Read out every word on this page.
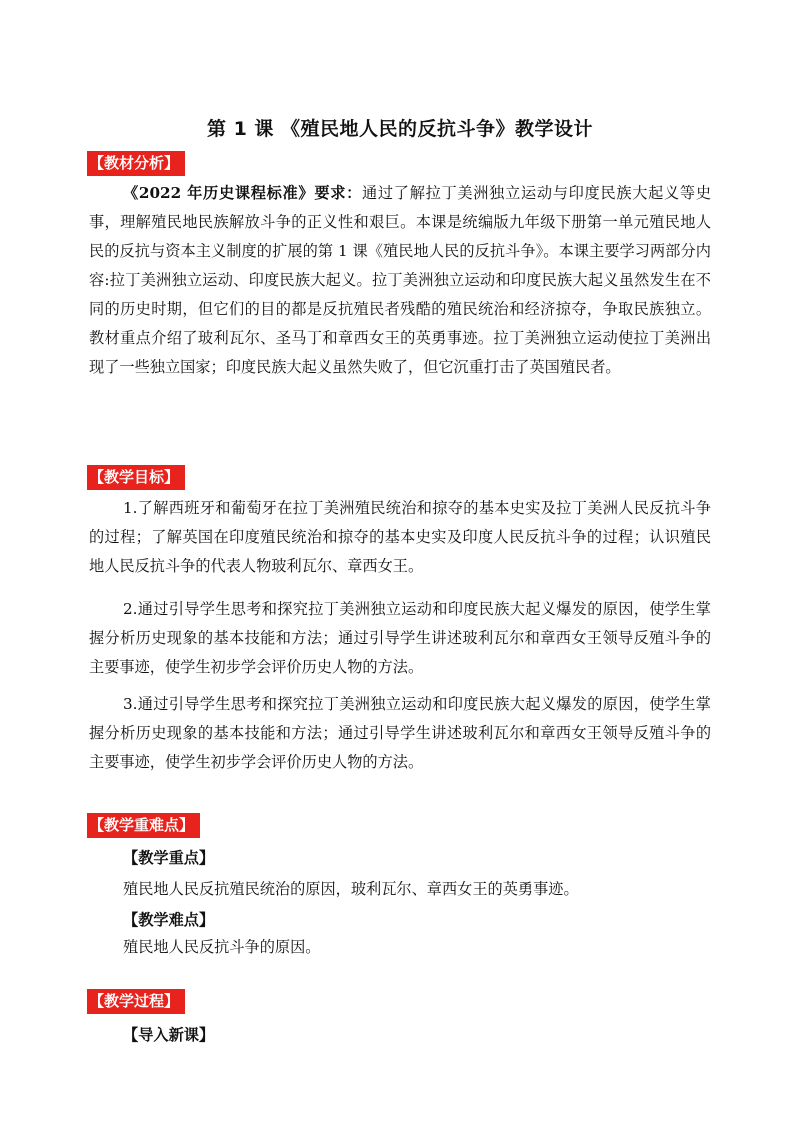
第 1 课 《殖民地人民的反抗斗争》教学设计
【教材分析】

《2022 年历史课程标准》要求：通过了解拉丁美洲独立运动与印度民族大起义等史事，理解殖民地民族解放斗争的正义性和艰巨。本课是统编版九年级下册第一单元殖民地人民的反抗与资本主义制度的扩展的第 1 课《殖民地人民的反抗斗争》。本课主要学习两部分内容:拉丁美洲独立运动、印度民族大起义。拉丁美洲独立运动和印度民族大起义虽然发生在不同的历史时期，但它们的目的都是反抗殖民者残酷的殖民统治和经济掠夺，争取民族独立。教材重点介绍了玻利瓦尔、圣马丁和章西女王的英勇事迹。拉丁美洲独立运动使拉丁美洲出现了一些独立国家；印度民族大起义虽然失败了，但它沉重打击了英国殖民者。

【教学目标】

1.了解西班牙和葡萄牙在拉丁美洲殖民统治和掠夺的基本史实及拉丁美洲人民反抗斗争的过程；了解英国在印度殖民统治和掠夺的基本史实及印度人民反抗斗争的过程；认识殖民地人民反抗斗争的代表人物玻利瓦尔、章西女王。

2.通过引导学生思考和探究拉丁美洲独立运动和印度民族大起义爆发的原因，使学生掌握分析历史现象的基本技能和方法；通过引导学生讲述玻利瓦尔和章西女王领导反殖斗争的主要事迹，使学生初步学会评价历史人物的方法。

3.通过引导学生思考和探究拉丁美洲独立运动和印度民族大起义爆发的原因，使学生掌握分析历史现象的基本技能和方法；通过引导学生讲述玻利瓦尔和章西女王领导反殖斗争的主要事迹，使学生初步学会评价历史人物的方法。

【教学重难点】
【教学重点】
殖民地人民反抗殖民统治的原因，玻利瓦尔、章西女王的英勇事迹。
【教学难点】
殖民地人民反抗斗争的原因。
【教学过程】
【导入新课】
